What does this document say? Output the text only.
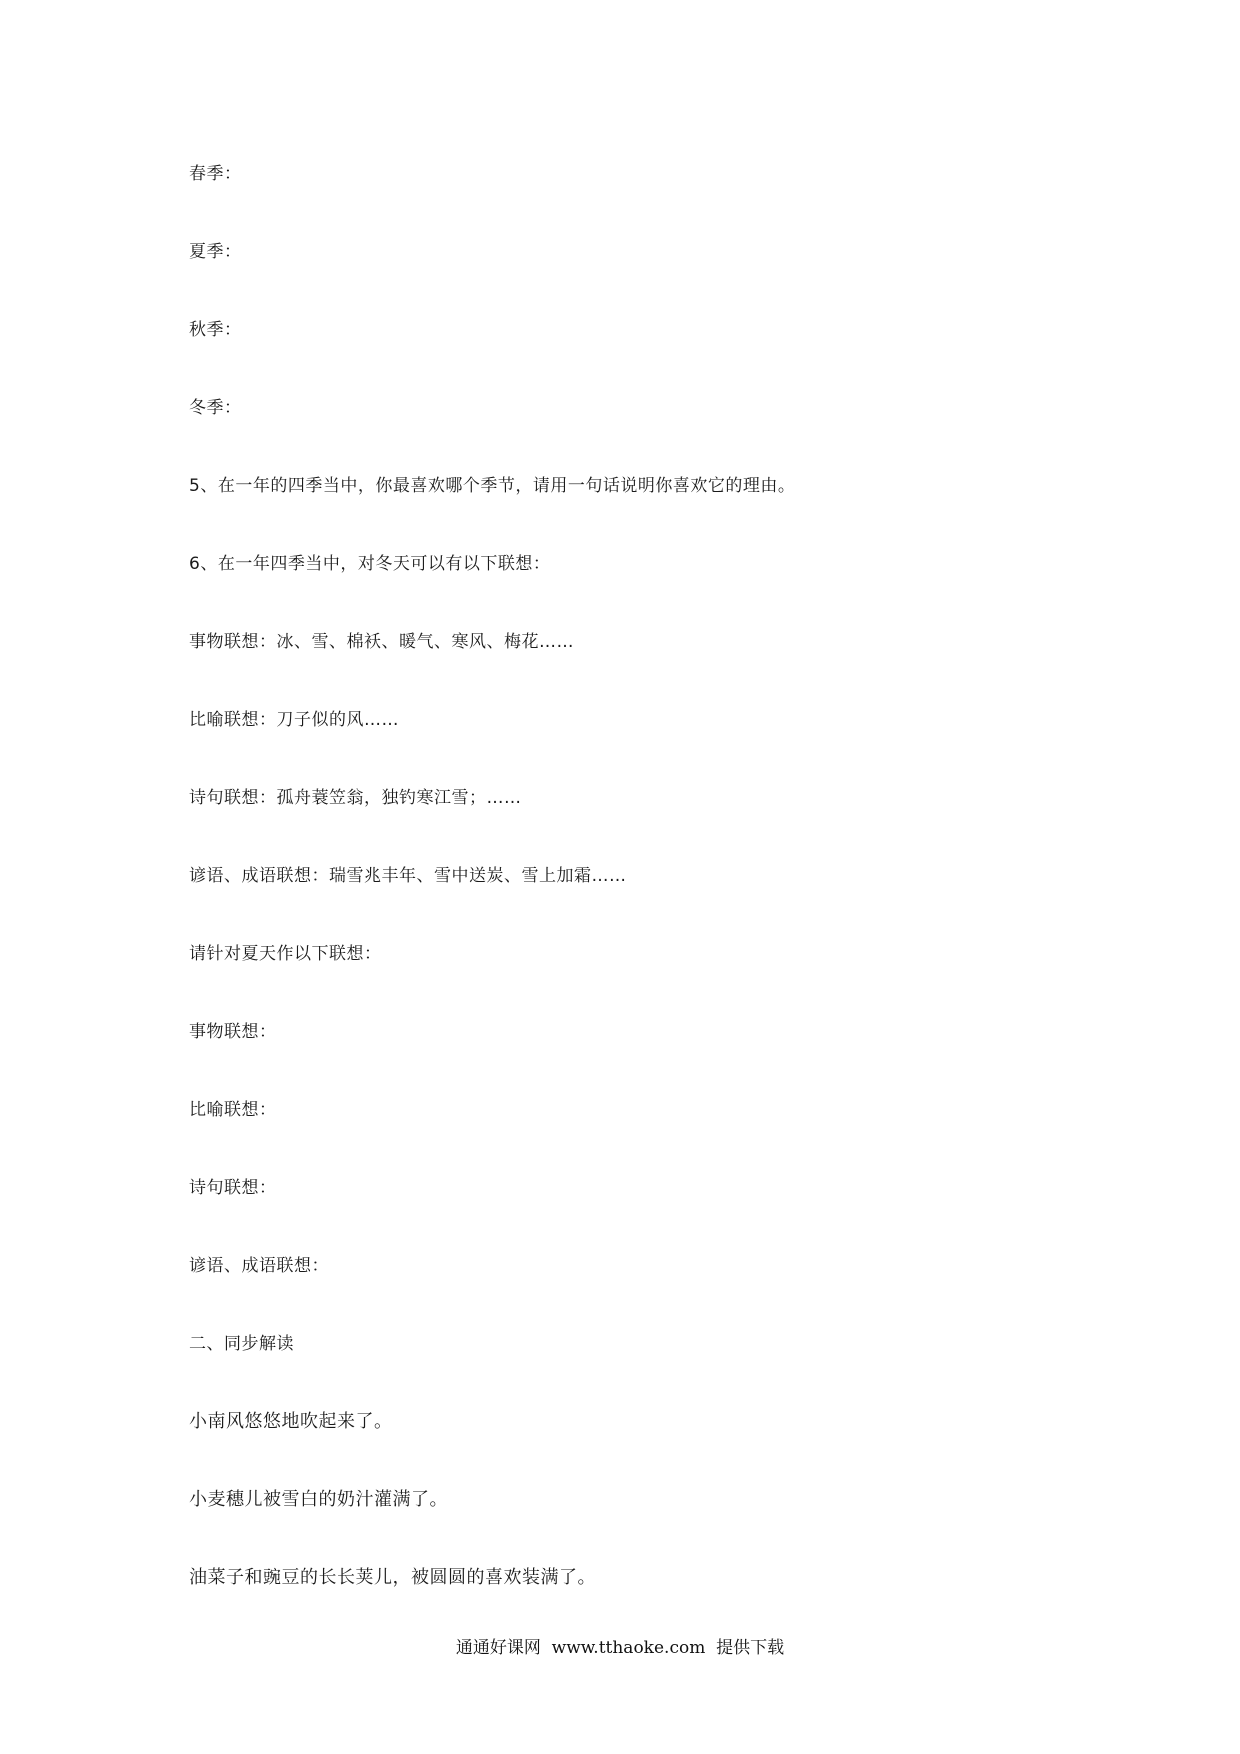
春季：
夏季：
秋季：
冬季：
5、在一年的四季当中，你最喜欢哪个季节，请用一句话说明你喜欢它的理由。
6、在一年四季当中，对冬天可以有以下联想：
事物联想：冰、雪、棉袄、暖气、寒风、梅花……
比喻联想：刀子似的风……
诗句联想：孤舟蓑笠翁，独钓寒江雪；……
谚语、成语联想：瑞雪兆丰年、雪中送炭、雪上加霜……
请针对夏天作以下联想：
事物联想：
比喻联想：
诗句联想：
谚语、成语联想：
二、同步解读
小南风悠悠地吹起来了。
小麦穗儿被雪白的奶汁灌满了。
油菜子和豌豆的长长荚儿，被圆圆的喜欢装满了。
通通好课网 www.tthaoke.com 提供下载
